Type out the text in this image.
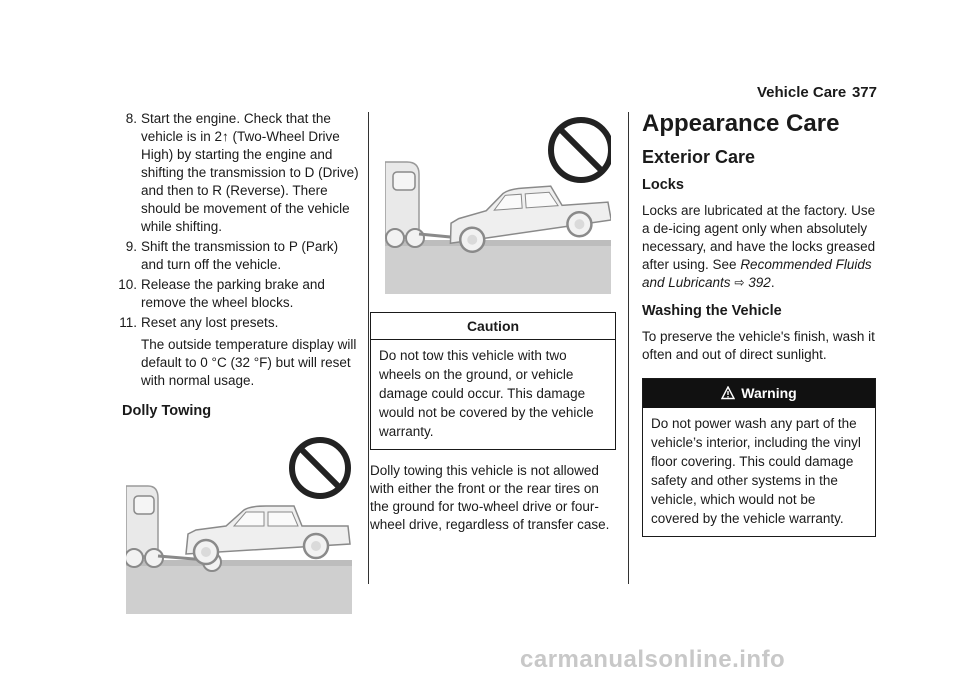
Vehicle Care 377
8. Start the engine. Check that the vehicle is in 2↑ (Two-Wheel Drive High) by starting the engine and shifting the transmission to D (Drive) and then to R (Reverse). There should be movement of the vehicle while shifting.

9. Shift the transmission to P (Park) and turn off the vehicle.

10. Release the parking brake and remove the wheel blocks.

11. Reset any lost presets.

The outside temperature display will default to 0 °C (32 °F) but will reset with normal usage.

Dolly Towing
Caution
Do not tow this vehicle with two wheels on the ground, or vehicle damage could occur. This damage would not be covered by the vehicle warranty.

Dolly towing this vehicle is not allowed with either the front or the rear tires on the ground for two-wheel drive or four-wheel drive, regardless of transfer case.

Appearance Care
Exterior Care
Locks

Locks are lubricated at the factory. Use a de-icing agent only when absolutely necessary, and have the locks greased after using. See Recommended Fluids and Lubricants ⇨ 392.

Washing the Vehicle

To preserve the vehicle's finish, wash it often and out of direct sunlight.

Warning
Do not power wash any part of the vehicle’s interior, including the vinyl floor covering. This could damage safety and other systems in the vehicle, which would not be covered by the vehicle warranty.
carmanualsonline.info
